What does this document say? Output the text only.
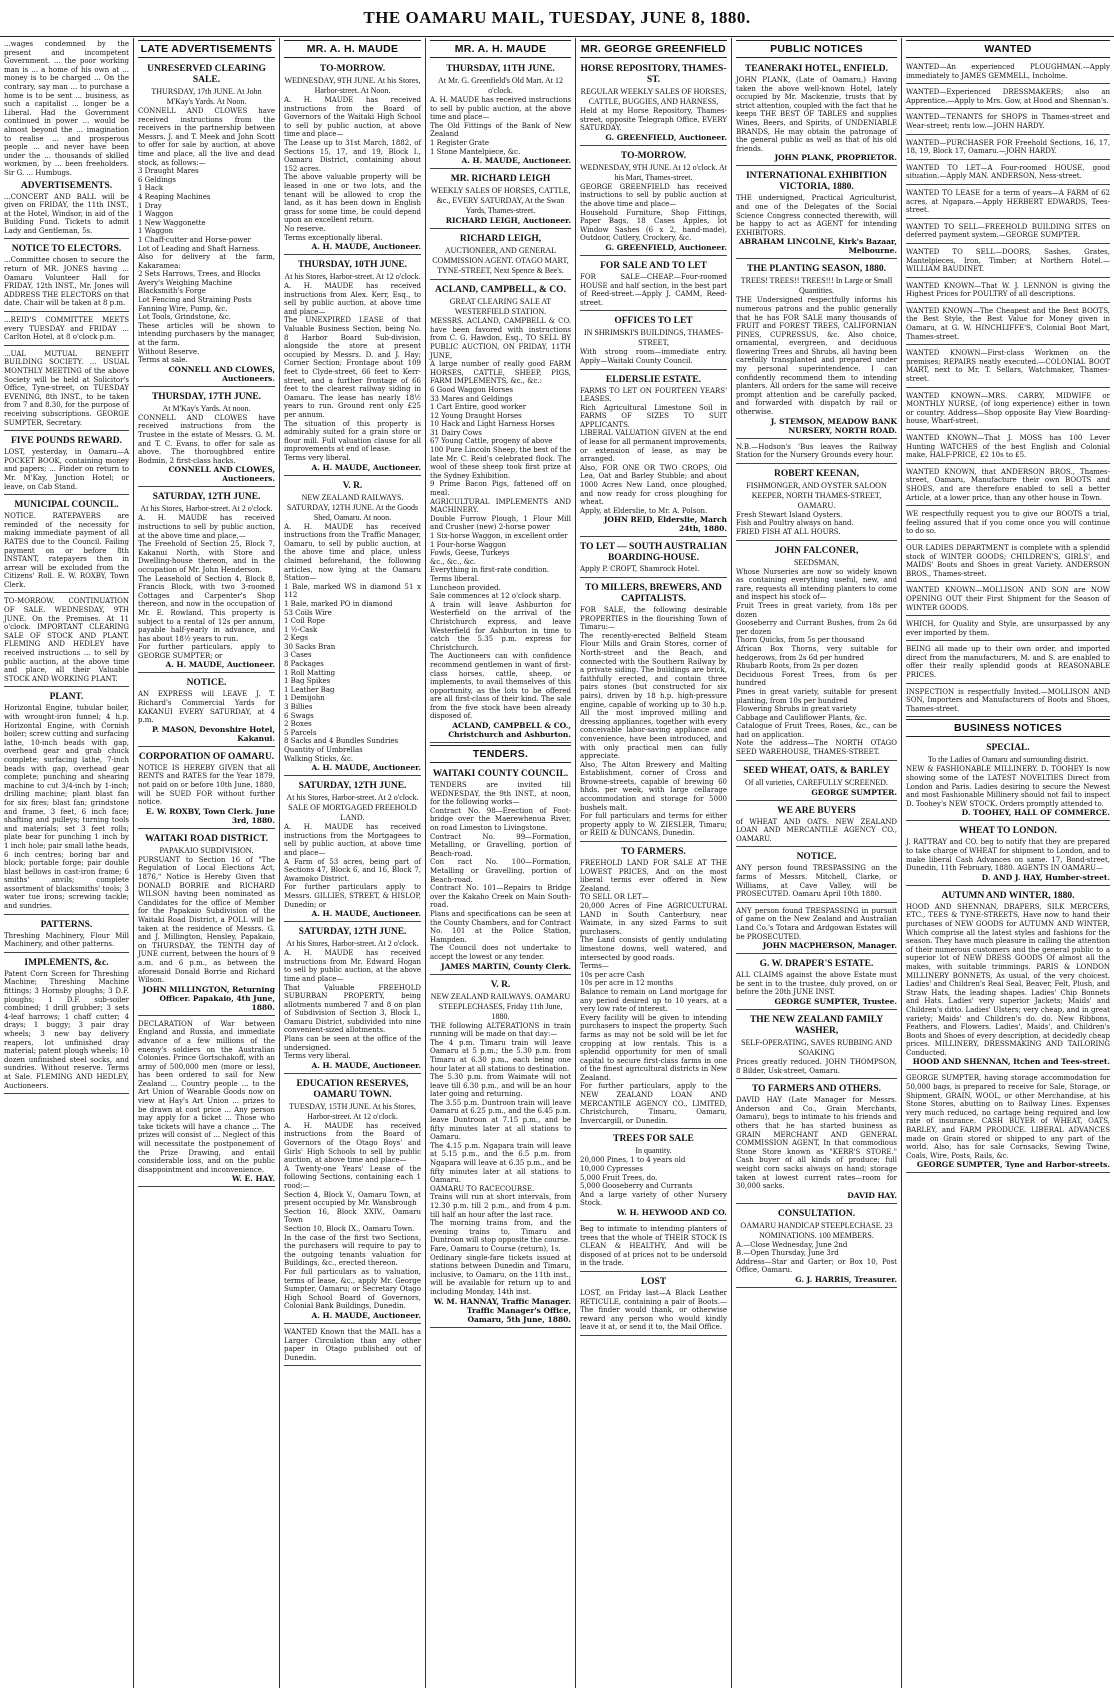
THE OAMARU MAIL, TUESDAY, JUNE 8, 1880.
...wages condemned by the present and incompetent Government. ... the poor working man is ... a home of his own at ... money is to be charged ... On the contrary, say man ... to purchase a home is to be sent ... business, as such a capitalist ... longer be a Liberal. Had the Government continued in power ... would be almost beyond the ... imagination to realise ... and prosperous people ... and never have been under the ... thousands of skilled workmen, by ... been freeholders. Sir G. ... Humbugs.
ADVERTISEMENTS.
...CONCERT AND BALL will be given on FRIDAY, the 11th INST., at the Hotel, Windsor, in aid of the Building Fund. Tickets to admit Lady and Gentleman, 5s.
NOTICE TO ELECTORS.
...Committee chosen to secure the return of MR. JONES having ... Oamaru Volunteer Hall for FRIDAY, 12th INST., Mr. Jones will ADDRESS THE ELECTORS on that date. Chair will be taken at 8 p.m.
...REID'S COMMITTEE MEETS every TUESDAY and FRIDAY ... Carlton Hotel, at 8 o'clock p.m.
...UAL MUTUAL BENEFIT BUILDING SOCIETY. ... USUAL MONTHLY MEETING of the above Society will be held at Solicitor's Office, Tyne-street, on TUESDAY EVENING, 8th INST., to be taken from 7 and 8.30, for the purpose of receiving subscriptions. GEORGE SUMPTER, Secretary.
FIVE POUNDS REWARD.
LOST, yesterday, in Oamaru—A POCKET BOOK, containing money and papers; ... Finder on return to Mr. M'Kay, Junction Hotel; or leave, on Cab Stand.
MUNICIPAL COUNCIL.
NOTICE. RATEPAYERS are reminded of the necessity for making immediate payment of all RATES due to the Council. Failing payment on or before 8th INSTANT, ratepayers then in arrear will be excluded from the Citizens' Roll. E. W. ROXBY, Town Clerk.
TO-MORROW. CONTINUATION OF SALE. WEDNESDAY, 9TH JUNE. On the Premises. At 11 o'clock. IMPORTANT CLEARING SALE OF STOCK AND PLANT. FLEMING AND HEDLEY have received instructions ... to sell by public auction, at the above time and place, all their Valuable STOCK AND WORKING PLANT.
PLANT.
Horizontal Engine, tubular boiler, with wrought-iron funnel; 4 h.p. Horizontal Engine, with Cornish boiler; screw cutting and surfacing lathe, 10-inch beads with gap, overhead gear and grab chuck complete; surfacing lathe, 7-inch beads with gap, overhead gear complete; punching and shearing machine to cut 3/4-inch by 1-inch; drilling machine; plant blast fan for six fires; blast fan; grindstone and frame, 3 feet, 6 inch face; shafting and pulleys; turning tools and materials; set 3 feet rolls; plate bear for punching 1 inch by 1 inch hole; pair small lathe heads, 6 inch centres; boring bar and block; portable forge; pair double blast bellows in cast-iron frame; 6 smiths' anvils; complete assortment of blacksmiths' tools; 3 water tue irons; screwing tackle; and sundries.
PATTERNS.
Threshing Machinery, Flour Mill Machinery, and other patterns.
IMPLEMENTS, &c.
Patent Corn Screen for Threshing Machine; Threshing Machine fittings; 3 Hornsby ploughs; 3 D.F. ploughs; 1 D.F. sub-soiler combined; 1 drill grubber; 3 sets 4-leaf harrows; 1 chaff cutter; 4 drays; 1 buggy; 3 pair dray wheels; 3 new bay delivery reapers, lot unfinished dray material; patent plough wheels; 10 dozen unfinished steel socks, and sundries. Without reserve. Terms at Sale. FLEMING AND HEDLEY, Auctioneers.
LATE ADVERTISEMENTS
UNRESERVED CLEARING SALE.
THURSDAY, 17th JUNE. At John M'Kay's Yards. At Noon.
CONNELL AND CLOWES have received instructions from the receivers in the partnership between Messrs. J. and T. Meek and John Scott to offer for sale by auction, at above time and place, all the live and dead stock, as follows:—
3 Draught Mares
6 Geldings
1 Hack
4 Reaping Machines
1 Dray
1 Waggon
1 New Waggonette
1 Waggon
1 Chaff-cutter and Horse-power
Lot of Leading and Shaft Harness.
Also for delivery at the farm, Kakaramea:
2 Sets Harrows, Trees, and Blocks
Avery's Weighing Machine
Blacksmith's Forge
Lot Fencing and Straining Posts
Fanning Wire, Pump, &c.
Lot Tools, Grindstone, &c.
These articles will be shown to intending purchasers by the manager, at the farm.
Without Reserve.
Terms at sale.
CONNELL AND CLOWES, Auctioneers.
THURSDAY, 17TH JUNE.
At M'Kay's Yards. At noon.
CONNELL AND CLOWES have received instructions from the Trustee in the estate of Messrs. G. M. and T. C. Evans, to offer for sale as above. The thoroughbred entire Bodmin, 2 first-class hacks.
CONNELL AND CLOWES, Auctioneers.
SATURDAY, 12TH JUNE.
At his Stores, Harbor-street. At 2 o'clock.
A. H. MAUDE has received instructions to sell by public auction, at the above time and place,—
The Freehold of Section 25, Block 7, Kakanui North, with Store and Dwelling-house thereon, and in the occupation of Mr. John Henderson.
The Leasehold of Section 4, Block 8, Francis Block, with two 3-roomed Cottages and Carpenter's Shop thereon, and now in the occupation of Mr. E. Rowland. This property is subject to a rental of 12s per annum, payable half-yearly in advance, and has about 18½ years to run.
For further particulars, apply to GEORGE SUMPTER; or
A. H. MAUDE, Auctioneer.
NOTICE.
AN EXPRESS will LEAVE J. T. Richard's Commercial Yards for KAKANUI EVERY SATURDAY, at 4 p.m.
P. MASON, Devonshire Hotel, Kakanui.
CORPORATION OF OAMARU.
NOTICE IS HEREBY GIVEN that all RENTS and RATES for the Year 1879, not paid on or before 10th June, 1880, will be SUED FOR without further notice.
E. W. ROXBY, Town Clerk. June 3rd, 1880.
WAITAKI ROAD DISTRICT.
PAPAKAIO SUBDIVISION.
PURSUANT to Section 16 of "The Regulation of Local Elections Act, 1876," Notice is Hereby Given that DONALD BORRIE and RICHARD WILSON having been nominated as Candidates for the office of Member for the Papakaio Subdivision of the Waitaki Road District, a POLL will be taken at the residence of Messrs. G. and J. Millington, Hensley, Papakaio, on THURSDAY, the TENTH day of JUNE current, between the hours of 9 a.m. and 6 p.m., as between the aforesaid Donald Borrie and Richard Wilson.
JOHN MILLINGTON, Returning Officer. Papakaio, 4th June, 1880.
DECLARATION of War between England and Russia, and immediate advance of a few millions of the enemy's soldiers on the Australian Colonies. Prince Gortschakoff, with an army of 500,000 men (more or less), has been ordered to sail for New Zealand ... Country people ... to the Art Union of Wearable Goods now on view at Hay's Art Union ... prizes to be drawn at cost price ... Any person may apply for a ticket ... Those who take tickets will have a chance ... The prizes will consist of ... Neglect of this will necessitate the postponement of the Prize Drawing, and entail considerable loss, and on the public disappointment and inconvenience.
W. E. HAY.
MR. A. H. MAUDE
TO-MORROW.
WEDNESDAY, 9TH JUNE. At his Stores, Harbor-street. At Noon.
A. H. MAUDE has received instructions from the Board of Governors of the Waitaki High School to sell by public auction, at above time and place—
The Lease up to 31st March, 1882, of Sections 15, 17, and 19, Block I., Oamaru District, containing about 152 acres.
The above valuable property will be leased in one or two lots, and the tenant will be allowed to crop the land, as it has been down in English grass for some time, be could depend upon an excellent return.
No reserve.
Terms exceptionally liberal.
A. H. MAUDE, Auctioneer.
THURSDAY, 10TH JUNE.
At his Stores, Harbor-street. At 12 o'clock.
A. H. MAUDE has received instructions from Alex. Kerr, Esq., to sell by public auction, at above time and place—
The UNEXPIRED LEASE of that Valuable Business Section, being No. 8 Harbor Board Sub-division, alongside the store at present occupied by Messrs. D. and J. Hay; Corner Section; Frontage about 109 feet to Clyde-street, 66 feet to Kerr-street, and a further frontage of 66 feet to the clearest railway siding in Oamaru. The lease has nearly 18½ years to run. Ground rent only £25 per annum.
The situation of this property is admirably suited for a grain store or flour mill. Full valuation clause for all improvements at end of lease.
Terms very liberal.
A. H. MAUDE, Auctioneer.
V. R.
NEW ZEALAND RAILWAYS. SATURDAY, 12TH JUNE. At the Goods Shed, Oamaru. At noon.
A. H. MAUDE has received instructions from the Traffic Manager, Oamaru, to sell by public auction, at the above time and place, unless claimed beforehand, the following articles, now lying at the Oamaru Station—
1 Bale, marked WS in diamond 51 x 112
1 Bale, marked PO in diamond
53 Coils Wire
1 Coil Rope
1 ½-Cask
2 Kegs
30 Sacks Bran
3 Cases
8 Packages
1 Roll Matting
1 Bag Spikes
1 Leather Bag
1 Demijohn
3 Billies
6 Swags
2 Boxes
5 Parcels
8 Sacks and 4 Bundles Sundries
Quantity of Umbrellas
Walking Sticks, &c.
A. H. MAUDE, Auctioneer.
SATURDAY, 12TH JUNE.
At his Stores, Harbor-street. At 2 o'clock. SALE OF MORTGAGED FREEHOLD LAND.
A. H. MAUDE has received instructions from the Mortgagees to sell by public auction, at above time and place—
A Farm of 53 acres, being part of Sections 47, Block 6, and 16, Block 7, Awamoko District.
For further particulars apply to Messrs. GILLIES, STREET, & HISLOP, Dunedin; or
A. H. MAUDE, Auctioneer.
SATURDAY, 12TH JUNE.
At his Stores, Harbor-street. At 2 o'clock.
A. H. MAUDE has received instructions from Mr. Edward Hogan to sell by public auction, at the above time and place—
That Valuable FREEHOLD SUBURBAN PROPERTY, being allotments numbered 7 and 8 on plan of Subdivision of Section 3, Block I., Oamaru District, subdivided into nine convenient-sized allotments.
Plans can be seen at the office of the undersigned.
Terms very liberal.
A. H. MAUDE, Auctioneer.
EDUCATION RESERVES, OAMARU TOWN.
TUESDAY, 15TH JUNE. At his Stores, Harbor-street. At 12 o'clock.
A. H. MAUDE has received instructions from the Board of Governors of the Otago Boys' and Girls' High Schools to sell by public auction, at above time and place—
A Twenty-one Years' Lease of the following Sections, containing each 1 rood:—
Section 4, Block V., Oamaru Town, at present occupied by Mr. Wansbrough
Section 16, Block XXIV., Oamaru Town
Section 10, Block IX., Oamaru Town.
In the case of the first two Sections, the purchasers will require to pay to the outgoing tenants valuation for Buildings, &c., erected thereon.
For full particulars as to valuation, terms of lease, &c., apply Mr. George Sumpter, Oamaru; or Secretary Otago High School Board of Governors, Colonial Bank Buildings, Dunedin.
A. H. MAUDE, Auctioneer.
WANTED Known that the MAIL has a Larger Circulation than any other paper in Otago published out of Dunedin.
MR. A. H. MAUDE
THURSDAY, 11TH JUNE.
At Mr. G. Greenfield's Old Mart. At 12 o'clock.
A. H. MAUDE has received instructions to sell by public auction, at the above time and place—
The Old Fittings of the Bank of New Zealand
1 Register Grate
1 Stone Mantelpiece, &c.
A. H. MAUDE, Auctioneer.
MR. RICHARD LEIGH
WEEKLY SALES OF HORSES, CATTLE, &c., EVERY SATURDAY, At the Swan Yards, Thames-street.
RICHARD LEIGH, Auctioneer.
RICHARD LEIGH,
AUCTIONEER, AND GENERAL COMMISSION AGENT. OTAGO MART, TYNE-STREET, Next Spence & Bee's.
ACLAND, CAMPBELL, & CO.
GREAT CLEARING SALE AT WESTERFIELD STATION.
MESSRS. ACLAND, CAMPBELL & CO. have been favored with instructions from C. G. Hawdon, Esq., TO SELL BY PUBLIC AUCTION, ON FRIDAY, 11TH JUNE,
A large number of really good FARM HORSES, CATTLE, SHEEP, PIGS, FARM IMPLEMENTS, &c., &c.:
6 Good Waggon Horses
33 Mares and Geldings
1 Cart Entire, good worker
12 Young Draught Horses
10 Hack and Light Harness Horses
31 Dairy Cows
67 Young Cattle, progeny of above
100 Pure Lincoln Sheep, the best of the late Mr. C. Reid's celebrated flock. The wool of these sheep took first prize at the Sydney Exhibition.
9 Prime Bacon Pigs, fattened off on meal.
AGRICULTURAL IMPLEMENTS AND MACHINERY.
Double Furrow Plough, 1 Flour Mill and Crusher (new) 2-horse power
1 Six-horse Waggon, in excellent order
1 Four-horse Waggon
Fowls, Geese, Turkeys
&c., &c., &c.
Everything in first-rate condition.
Terms liberal.
Luncheon provided.
Sale commences at 12 o'clock sharp.
A train will leave Ashburton for Westerfield on the arrival of the Christchurch express, and leave Westerfield for Ashburton in time to catch the 5.35 p.m. express for Christchurch.
The Auctioneers can with confidence recommend gentlemen in want of first-class horses, cattle, sheep, or implements, to avail themselves of this opportunity, as the lots to be offered are all first-class of their kind. The sale from the five stock have been already disposed of.
ACLAND, CAMPBELL & CO., Christchurch and Ashburton.
TENDERS.
WAITAKI COUNTY COUNCIL.
TENDERS are invited till WEDNESDAY, the 9th INST., at noon, for the following works—
Contract No. 98—Erection of Foot-bridge over the Maerewhenua River, on road Limeston to Livingstone.
Contract No. 99—Formation, Metalling, or Gravelling, portion of Beach-road.
Con ract No. 100—Formation, Metalling or Gravelling, portion of Beach-road.
Contract No. 101—Repairs to Bridge over the Kakaho Creek on Main South-road.
Plans and specifications can be seen at the County Chambers, and for Contract No. 101 at the Police Station, Hampden.
The Council does not undertake to accept the lowest or any tender.
JAMES MARTIN, County Clerk.
V. R.
NEW ZEALAND RAILWAYS. OAMARU STEEPLECHASES, Friday 11th June, 1880.
THE following ALTERATIONS in train running will be made on that day:—
The 4 p.m. Timaru train will leave Oamaru at 5 p.m.; the 5.30 p.m. from Timaru at 6.30 p.m., each being one hour later at all stations to destination.
The 5.30 p.m. from Waimate will not leave till 6.30 p.m., and will be an hour later going and returning.
The 3.55 p.m. Duntroon train will leave Oamaru at 6.25 p.m., and the 6.45 p.m. leave Duntroon at 7.15 p.m., and be fifty minutes later at all stations to Oamaru.
The 4.15 p.m. Ngapara train will leave at 5.15 p.m., and the 6.5 p.m. from Ngapara will leave at 6.35 p.m., and be fifty minutes later at all stations to Oamaru.
OAMARU TO RACECOURSE.
Trains will run at short intervals, from 12.30 p.m. till 2 p.m., and from 4 p.m. till half an hour after the last race.
The morning trains from, and the evening trains to, Timaru and Duntroon will stop opposite the course.
Fare, Oamaru to Course (return), 1s.
Ordinary single-fare tickets issued at stations between Dunedin and Timaru, inclusive, to Oamaru, on the 11th inst., will be available for return up to and including Monday, 14th inst.
W. M. HANNAY, Traffic Manager. Traffic Manager's Office, Oamaru, 5th June, 1880.
MR. GEORGE GREENFIELD
HORSE REPOSITORY, THAMES-ST.
REGULAR WEEKLY SALES OF HORSES, CATTLE, BUGGIES, AND HARNESS,
Held at my Horse Repository, Thames-street, opposite Telegraph Office, EVERY SATURDAY.
G. GREENFIELD, Auctioneer.
TO-MORROW.
WEDNESDAY, 9TH JUNE. At 12 o'clock. At his Mart, Thames-street.
GEORGE GREENFIELD has received instructions to sell by public auction at the above time and place—
Household Furniture, Shop Fittings, Paper Bags, 18 Cases Apples, lot Window Sashes (6 x 2, hand-made), Outdoor, Cutlery, Crockery, &c.
G. GREENFIELD, Auctioneer.
FOR SALE AND TO LET
FOR SALE—CHEAP.—Four-roomed HOUSE and half section, in the best part of Reed-street.—Apply J. CAMM, Reed-street.
OFFICES TO LET
IN SHRIMSKI'S BUILDINGS, THAMES-STREET,
With strong room—immediate entry. Apply—Waitaki County Council.
ELDERSLIE ESTATE.
FARMS TO LET ON FOURTEEN YEARS' LEASES.
Rich Agricultural Limestone Soil in FARMS OF SIZES TO SUIT APPLICANTS.
LIBERAL VALUATION GIVEN at the end of lease for all permanent improvements, or extension of lease, as may be arranged.
Also, FOR ONE OR TWO CROPS, Old Lea, Oat and Barley Stubble; and about 1000 Acres New Land, once ploughed, and now ready for cross ploughing for wheat.
Apply, at Elderslie, to Mr. A. Polson.
JOHN REID, Elderslie, March 24th, 1880.
TO LET — SOUTH AUSTRALIAN BOARDING-HOUSE.
Apply P. CROFT, Shamrock Hotel.
TO MILLERS, BREWERS, AND CAPITALISTS.
FOR SALE, the following desirable PROPERTIES in the flourishing Town of Timaru:—
The recently-erected Belfield Steam Flour Mills and Grain Stores, corner of North-street and the Beach, and connected with the Southern Railway by a private siding. The buildings are brick, faithfully erected, and contain three pairs stones (but constructed for six pairs), driven by 18 h.p. high-pressure engine, capable of working up to 30 h.p. All the most improved milling and dressing appliances, together with every conceivable labor-saving appliance and convenience, have been introduced, and with only practical men can fully appreciate.
Also, The Alton Brewery and Malting Establishment, corner of Cross and Browne-streets, capable of brewing 60 hhds. per week, with large cellarage accommodation and storage for 5000 bushels malt.
For full particulars and terms for either property apply to W. ZIESLER, Timaru; or REID & DUNCANS, Dunedin.
TO FARMERS.
FREEHOLD LAND FOR SALE AT THE LOWEST PRICES, And on the most liberal terms ever offered in New Zealand.
TO SELL OR LET—
20,000 Acres of Fine AGRICULTURAL LAND in South Canterbury, near Waimate, in any sized Farms to suit purchasers.
The Land consists of gently undulating limestone downs, well watered, and intersected by good roads.
Terms—
10s per acre Cash
10s per acre in 12 months
Balance to remain on Land mortgage for any period desired up to 10 years, at a very low rate of interest.
Every facility will be given to intending purchasers to inspect the property. Such farms as may not be sold will be let for cropping at low rentals. This is a splendid opportunity for men of small capital to secure first-class farms in one of the finest agricultural districts in New Zealand.
For further particulars, apply to the NEW ZEALAND LOAN AND MERCANTILE AGENCY CO., LIMITED, Christchurch, Timaru, Oamaru, Invercargill, or Dunedin.
TREES FOR SALE
In quantity.
20,000 Pines, 1 to 4 years old
10,000 Cypresses
5,000 Fruit Trees, do.
5,000 Gooseberry and Currants
And a large variety of other Nursery Stock.
W. H. HEYWOOD AND CO.
Beg to intimate to intending planters of trees that the whole of THEIR STOCK IS CLEAN & HEALTHY, And will be disposed of at prices not to be undersold in the trade.
LOST
LOST, on Friday last—A Black Leather RETICULE, containing a pair of Boots.—The finder would thank, or otherwise reward any person who would kindly leave it at, or send it to, the Mail Office.
PUBLIC NOTICES
TEANERAKI HOTEL, ENFIELD.
JOHN PLANK, (Late of Oamaru,) Having taken the above well-known Hotel, lately occupied by Mr. Mackenzie, trusts that by strict attention, coupled with the fact that he keeps THE BEST OF TABLES and supplies Wines, Beers, and Spirits, of UNDENIABLE BRANDS, He may obtain the patronage of the general public as well as that of his old friends.
JOHN PLANK, PROPRIETOR.
INTERNATIONAL EXHIBITION VICTORIA, 1880.
THE undersigned, Practical Agriculturist, and one of the Delegates of the Social Science Congress connected therewith, will be happy to act as AGENT for intending EXHIBITORS.
ABRAHAM LINCOLNE, Kirk's Bazaar, Melbourne.
THE PLANTING SEASON, 1880.
TREES! TREES!! TREES!!! In Large or Small Quantities.
THE Undersigned respectfully informs his numerous patrons and the public generally that he has FOR SALE many thousands of FRUIT and FOREST TREES, CALIFORNIAN PINES, CUPRESSUS, &c. Also choice, ornamental, evergreen, and deciduous flowering Trees and Shrubs, all having been carefully transplanted and prepared under my personal superintendence. I can confidently recommend them to intending planters. All orders for the same will receive prompt attention and be carefully packed, and forwarded with dispatch by rail or otherwise.
J. STEMSON, MEADOW BANK NURSERY, NORTH ROAD.
N.B.—Hodson's 'Bus leaves the Railway Station for the Nursery Grounds every hour.
ROBERT KEENAN,
FISHMONGER, AND OYSTER SALOON KEEPER, NORTH THAMES-STREET, OAMARU.
Fresh Stewart Island Oysters.
Fish and Poultry always on hand.
FRIED FISH AT ALL HOURS.
JOHN FALCONER,
SEEDSMAN,
Whose Nurseries are now so widely known as containing everything useful, new, and rare, requests all intending planters to come and inspect his stock of—
Fruit Trees in great variety, from 18s per dozen
Gooseberry and Currant Bushes, from 2s 6d per dozen
Thorn Quicks, from 5s per thousand
African Box Thorns, very suitable for hedgerows, from 2s 6d per hundred
Rhubarb Roots, from 2s per dozen
Deciduous Forest Trees, from 6s per hundred
Pines in great variety, suitable for present planting, from 10s per hundred
Flowering Shrubs in great variety
Cabbage and Cauliflower Plants, &c.
Catalogue of Fruit Trees, Roses, &c., can be had on application.
Note the address—The NORTH OTAGO SEED WAREHOUSE, THAMES-STREET.
SEED WHEAT, OATS, & BARLEY
Of all varieties, CAREFULLY SCREENED.
GEORGE SUMPTER.
WE ARE BUYERS
of WHEAT AND OATS. NEW ZEALAND LOAN AND MERCANTILE AGENCY CO., OAMARU.
NOTICE.
ANY person found TRESPASSING on the farms of Messrs. Mitchell, Clarke, or Williams, at Cave Valley, will be PROSECUTED. Oamaru April 10th 1880.
ANY person found TRESPASSING in pursuit of game on the New Zealand and Australian Land Co.'s Totara and Ardgowan Estates will be PROSECUTED.
JOHN MACPHERSON, Manager.
G. W. DRAPER'S ESTATE.
ALL CLAIMS against the above Estate must be sent in to the trustee, duly proved, on or before the 20th JUNE INST.
GEORGE SUMPTER, Trustee.
THE NEW ZEALAND FAMILY WASHER,
SELF-OPERATING, SAVES RUBBING AND SOAKING
Prices greatly reduced. JOHN THOMPSON, 8 Bilder, Usk-street, Oamaru.
TO FARMERS AND OTHERS.
DAVID HAY (Late Manager for Messrs. Anderson and Co., Grain Merchants, Oamaru), begs to intimate to his friends and others that he has started business as GRAIN MERCHANT AND GENERAL COMMISSION AGENT, In that commodious Stone Store known as "KERR'S STORE." Cash buyer of all kinds of produce; full weight corn sacks always on hand; storage taken at lowest current rates—room for 30,000 sacks.
DAVID HAY.
CONSULTATION.
OAMARU HANDICAP STEEPLECHASE. 23 NOMINATIONS. 100 MEMBERS.
A.—Close Wednesday, June 2nd
B.—Open Thursday, June 3rd
Address—Star and Garter; or Box 10, Post Office, Oamaru.
G. J. HARRIS, Treasurer.
WANTED
WANTED—An experienced PLOUGHMAN.—Apply immediately to JAMES GEMMELL, Incholme.
WANTED—Experienced DRESSMAKERS; also an Apprentice.—Apply to Mrs. Gow, at Hood and Shennan's.
WANTED—TENANTS for SHOPS in Thames-street and Wear-street; rents low.—JOHN HARDY.
WANTED—PURCHASER FOR Freehold Sections, 16, 17, 18, 19, Block 17, Oamaru.—JOHN HARDY.
WANTED TO LET—A Four-roomed HOUSE, good situation.—Apply MAN. ANDERSON, Ness-street.
WANTED TO LEASE for a term of years—A FARM of 62 acres, at Ngapara.—Apply HERBERT EDWARDS, Tees-street.
WANTED TO SELL—FREEHOLD BUILDING SITES on deferred payment system.—GEORGE SUMPTER.
WANTED TO SELL—DOORS, Sashes, Grates, Mantelpieces, Iron, Timber; at Northern Hotel.—WILLIAM BAUDINET.
WANTED KNOWN—That W. J. LENNON is giving the Highest Prices for POULTRY of all descriptions.
WANTED KNOWN—The Cheapest and the Best BOOTS, the Best Style, the Best Value for Money given in Oamaru, at G. W. HINCHLIFFE'S, Colonial Boot Mart, Thames-street.
WANTED KNOWN—First-class Workmen on the premises; REPAIRS neatly executed.—COLONIAL BOOT MART, next to Mr. T. Sellars, Watchmaker, Thames-street.
WANTED KNOWN—MRS. CARRY, MIDWIFE or MONTHLY NURSE, (of long experience) either in town or country. Address—Shop opposite Bay View Boarding-house, Wharf-street.
WANTED KNOWN—That J. MOSS has 100 Lever Hunting WATCHES of the best English and Colonial make, HALF-PRICE, £2 10s to £5.
WANTED KNOWN, that ANDERSON BROS., Thames-street, Oamaru, Manufacture their own BOOTS and SHOES, and are therefore enabled to sell a better Article, at a lower price, than any other house in Town.
WE respectfully request you to give our BOOTS a trial, feeling assured that if you come once you will continue to do so.
OUR LADIES DEPARTMENT is complete with a splendid stock of WINTER GOODS; CHILDREN'S, GIRLS', and MAIDS' Boots and Shoes in great Variety. ANDERSON BROS., Thames-street.
WANTED KNOWN—MOLLISON AND SON are NOW OPENING OUT their First Shipment for the Season of WINTER GOODS.
WHICH, for Quality and Style, are unsurpassed by any ever imported by them.
BEING all made up to their own order, and imported direct from the manufacturers, M. and S. are enabled to offer their really splendid goods at REASONABLE PRICES.
INSPECTION is respectfully Invited.—MOLLISON AND SON, Importers and Manufacturers of Boots and Shoes, Thames-street.
BUSINESS NOTICES
SPECIAL.
To the Ladies of Oamaru and surrounding district.
NEW & FASHIONABLE MILLINERY. D. TOOHEY Is now showing some of the LATEST NOVELTIES Direct from London and Paris. Ladies desiring to secure the Newest and most Fashionable Millinery should not fail to inspect D. Toohey's NEW STOCK. Orders promptly attended to.
D. TOOHEY, HALL OF COMMERCE.
WHEAT TO LONDON.
J. RATTRAY and CO. beg to notify that they are prepared to take charge of WHEAT for shipment to London, and to make liberal Cash Advances on same. 17, Bond-street, Dunedin, 11th February, 1880. AGENTS IN OAMARU—
D. AND J. HAY, Humber-street.
AUTUMN AND WINTER, 1880.
HOOD AND SHENNAN, DRAPERS, SILK MERCERS, ETC., TEES & TYNE-STREETS, Have now to hand their purchases of NEW GOODS for AUTUMN AND WINTER, Which comprise all the latest styles and fashions for the season. They have much pleasure in calling the attention of their numerous customers and the general public to a superior lot of NEW DRESS GOODS Of almost all the makes, with suitable trimmings. PARIS & LONDON MILLINERY BONNETS, As usual, of the very choicest. Ladies' and Children's Real Seal, Beaver, Felt, Plush, and Straw Hats, the leading shapes. Ladies' Chip Bonnets and Hats. Ladies' very superior Jackets; Maids' and Children's ditto. Ladies' Ulsters; very cheap, and in great variety; Maids' and Children's do. do. New Ribbons, Feathers, and Flowers. Ladies', Maids', and Children's Boots and Shoes of every description, at decidedly cheap prices. MILLINERY, DRESSMAKING AND TAILORING Conducted.
HOOD AND SHENNAN, Itchen and Tees-street.
GEORGE SUMPTER, having storage accommodation for 50,000 bags, is prepared to receive for Sale, Storage, or Shipment, GRAIN, WOOL, or other Merchandise, at his Stone Stores, abutting on to Railway Lines. Expenses very much reduced, no cartage being required and low rate of insurance. CASH BUYER of WHEAT, OATS, BARLEY, and FARM PRODUCE. LIBERAL ADVANCES made on Grain stored or shipped to any part of the world. Also, has for sale Cornsacks, Sewing Twine, Coals, Wire, Posts, Rails, &c.
GEORGE SUMPTER, Tyne and Harbor-streets.
